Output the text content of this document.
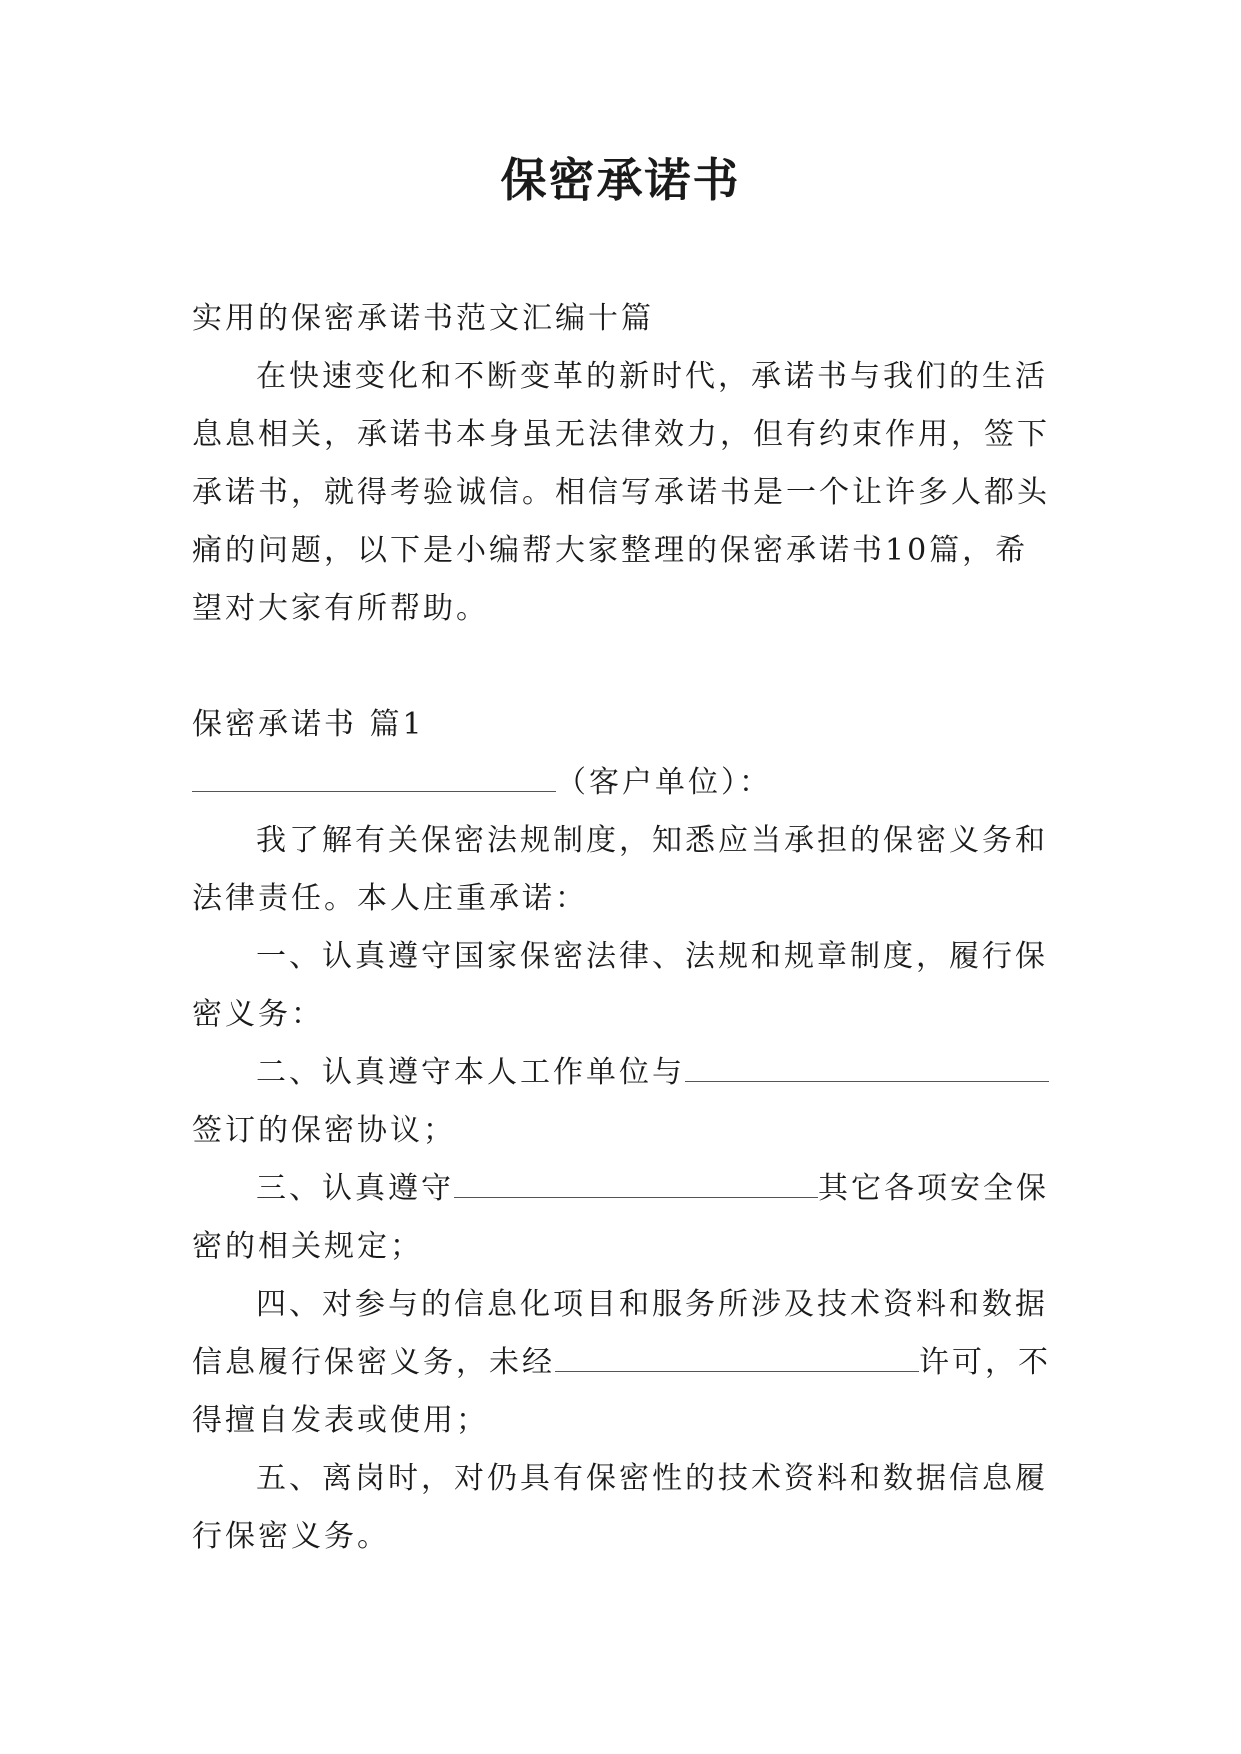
保密承诺书

实用的保密承诺书范文汇编十篇

在快速变化和不断变革的新时代，承诺书与我们的生活息息相关，承诺书本身虽无法律效力，但有约束作用，签下承诺书，就得考验诚信。相信写承诺书是一个让许多人都头痛的问题，以下是小编帮大家整理的保密承诺书10篇，希望对大家有所帮助。

保密承诺书 篇1

（客户单位）：

我了解有关保密法规制度，知悉应当承担的保密义务和法律责任。本人庄重承诺：

一、认真遵守国家保密法律、法规和规章制度，履行保密义务：

二、认真遵守本人工作单位与签订的保密协议；

三、认真遵守	其它各项安全保密的相关规定；

四、对参与的信息化项目和服务所涉及技术资料和数据信息履行保密义务，未经	许可，不得擅自发表或使用；

五、离岗时，对仍具有保密性的技术资料和数据信息履行保密义务。
